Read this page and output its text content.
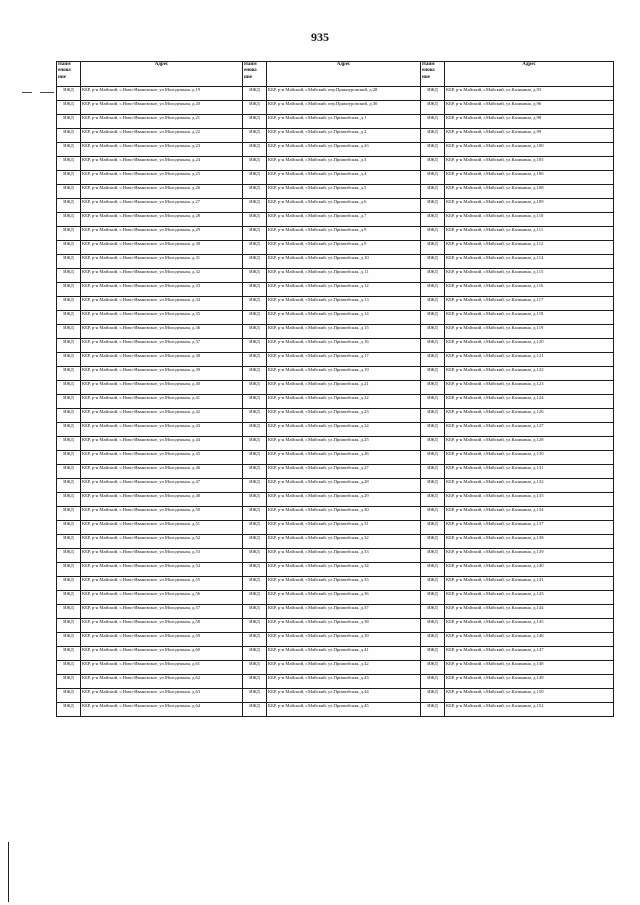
935
Наим енова ние	Адрес	Наим енова ние	Адрес	Наим енова ние	Адрес
ИЖД	КБР, р-н Майский, с.Ново-Ивановское, ул.Молодежная, д.19	ИЖД	КБР, р-н Майский, г.Майский, пер.Прямоуровский, д.28	ИЖД	КБР, р-н Майский, г.Майский, ул.Калинина, д.93
ИЖД	КБР, р-н Майский, с.Ново-Ивановское, ул.Молодежная, д.20	ИЖД	КБР, р-н Майский, г.Майский, пер.Прямоуровский, д.30	ИЖД	КБР, р-н Майский, г.Майский, ул.Калинина, д.96
ИЖД	КБР, р-н Майский, с.Ново-Ивановское, ул.Молодежная, д.21	ИЖД	КБР, р-н Майский, г.Майский, ул.Пришибская, д.1	ИЖД	КБР, р-н Майский, г.Майский, ул.Калинина, д.98
ИЖД	КБР, р-н Майский, с.Ново-Ивановское, ул.Молодежная, д.22	ИЖД	КБР, р-н Майский, г.Майский, ул.Пришибская, д.2	ИЖД	КБР, р-н Майский, г.Майский, ул.Калинина, д.99
ИЖД	КБР, р-н Майский, с.Ново-Ивановское, ул.Молодежная, д.23	ИЖД	КБР, р-н Майский, г.Майский, ул.Пришибская, д.2б	ИЖД	КБР, р-н Майский, г.Майский, ул.Калинина, д.100
ИЖД	КБР, р-н Майский, с.Ново-Ивановское, ул.Молодежная, д.24	ИЖД	КБР, р-н Майский, г.Майский, ул.Пришибская, д.3	ИЖД	КБР, р-н Майский, г.Майский, ул.Калинина, д.105
ИЖД	КБР, р-н Майский, с.Ново-Ивановское, ул.Молодежная, д.25	ИЖД	КБР, р-н Майский, г.Майский, ул.Пришибская, д.4	ИЖД	КБР, р-н Майский, г.Майский, ул.Калинина, д.106
ИЖД	КБР, р-н Майский, с.Ново-Ивановское, ул.Молодежная, д.26	ИЖД	КБР, р-н Майский, г.Майский, ул.Пришибская, д.5	ИЖД	КБР, р-н Майский, г.Майский, ул.Калинина, д.108
ИЖД	КБР, р-н Майский, с.Ново-Ивановское, ул.Молодежная, д.27	ИЖД	КБР, р-н Майский, г.Майский, ул.Пришибская, д.6	ИЖД	КБР, р-н Майский, г.Майский, ул.Калинина, д.109
ИЖД	КБР, р-н Майский, с.Ново-Ивановское, ул.Молодежная, д.28	ИЖД	КБР, р-н Майский, г.Майский, ул.Пришибская, д.7	ИЖД	КБР, р-н Майский, г.Майский, ул.Калинина, д.110
ИЖД	КБР, р-н Майский, с.Ново-Ивановское, ул.Молодежная, д.29	ИЖД	КБР, р-н Майский, г.Майский, ул.Пришибская, д.9	ИЖД	КБР, р-н Майский, г.Майский, ул.Калинина, д.111
ИЖД	КБР, р-н Майский, с.Ново-Ивановское, ул.Молодежная, д.30	ИЖД	КБР, р-н Майский, г.Майский, ул.Пришибская, д.9	ИЖД	КБР, р-н Майский, г.Майский, ул.Калинина, д.112
ИЖД	КБР, р-н Майский, с.Ново-Ивановское, ул.Молодежная, д.31	ИЖД	КБР, р-н Майский, г.Майский, ул.Пришибская, д.10	ИЖД	КБР, р-н Майский, г.Майский, ул.Калинина, д.114
ИЖД	КБР, р-н Майский, с.Ново-Ивановское, ул.Молодежная, д.32	ИЖД	КБР, р-н Майский, г.Майский, ул.Пришибская, д.11	ИЖД	КБР, р-н Майский, г.Майский, ул.Калинина, д.115
ИЖД	КБР, р-н Майский, с.Ново-Ивановское, ул.Молодежная, д.33	ИЖД	КБР, р-н Майский, г.Майский, ул.Пришибская, д.12	ИЖД	КБР, р-н Майский, г.Майский, ул.Калинина, д.116
ИЖД	КБР, р-н Майский, с.Ново-Ивановское, ул.Молодежная, д.34	ИЖД	КБР, р-н Майский, г.Майский, ул.Пришибская, д.13	ИЖД	КБР, р-н Майский, г.Майский, ул.Калинина, д.117
ИЖД	КБР, р-н Майский, с.Ново-Ивановское, ул.Молодежная, д.35	ИЖД	КБР, р-н Майский, г.Майский, ул.Пришибская, д.14	ИЖД	КБР, р-н Майский, г.Майский, ул.Калинина, д.118
ИЖД	КБР, р-н Майский, с.Ново-Ивановское, ул.Молодежная, д.36	ИЖД	КБР, р-н Майский, г.Майский, ул.Пришибская, д.15	ИЖД	КБР, р-н Майский, г.Майский, ул.Калинина, д.119
ИЖД	КБР, р-н Майский, с.Ново-Ивановское, ул.Молодежная, д.37	ИЖД	КБР, р-н Майский, г.Майский, ул.Пришибская, д.16	ИЖД	КБР, р-н Майский, г.Майский, ул.Калинина, д.120
ИЖД	КБР, р-н Майский, с.Ново-Ивановское, ул.Молодежная, д.38	ИЖД	КБР, р-н Майский, г.Майский, ул.Пришибская, д.17	ИЖД	КБР, р-н Майский, г.Майский, ул.Калинина, д.121
ИЖД	КБР, р-н Майский, с.Ново-Ивановское, ул.Молодежная, д.39	ИЖД	КБР, р-н Майский, г.Майский, ул.Пришибская, д.19	ИЖД	КБР, р-н Майский, г.Майский, ул.Калинина, д.122
ИЖД	КБР, р-н Майский, с.Ново-Ивановское, ул.Молодежная, д.40	ИЖД	КБР, р-н Майский, г.Майский, ул.Пришибская, д.21	ИЖД	КБР, р-н Майский, г.Майский, ул.Калинина, д.123
ИЖД	КБР, р-н Майский, с.Ново-Ивановское, ул.Молодежная, д.41	ИЖД	КБР, р-н Майский, г.Майский, ул.Пришибская, д.22	ИЖД	КБР, р-н Майский, г.Майский, ул.Калинина, д.124
ИЖД	КБР, р-н Майский, с.Ново-Ивановское, ул.Молодежная, д.42	ИЖД	КБР, р-н Майский, г.Майский, ул.Пришибская, д.23	ИЖД	КБР, р-н Майский, г.Майский, ул.Калинина, д.126
ИЖД	КБР, р-н Майский, с.Ново-Ивановское, ул.Молодежная, д.43	ИЖД	КБР, р-н Майский, г.Майский, ул.Пришибская, д.24	ИЖД	КБР, р-н Майский, г.Майский, ул.Калинина, д.127
ИЖД	КБР, р-н Майский, с.Ново-Ивановское, ул.Молодежная, д.44	ИЖД	КБР, р-н Майский, г.Майский, ул.Пришибская, д.25	ИЖД	КБР, р-н Майский, г.Майский, ул.Калинина, д.128
ИЖД	КБР, р-н Майский, с.Ново-Ивановское, ул.Молодежная, д.45	ИЖД	КБР, р-н Майский, г.Майский, ул.Пришибская, д.26	ИЖД	КБР, р-н Майский, г.Майский, ул.Калинина, д.130
ИЖД	КБР, р-н Майский, с.Ново-Ивановское, ул.Молодежная, д.46	ИЖД	КБР, р-н Майский, г.Майский, ул.Пришибская, д.27	ИЖД	КБР, р-н Майский, г.Майский, ул.Калинина, д.131
ИЖД	КБР, р-н Майский, с.Ново-Ивановское, ул.Молодежная, д.47	ИЖД	КБР, р-н Майский, г.Майский, ул.Пришибская, д.28	ИЖД	КБР, р-н Майский, г.Майский, ул.Калинина, д.132
ИЖД	КБР, р-н Майский, с.Ново-Ивановское, ул.Молодежная, д.48	ИЖД	КБР, р-н Майский, г.Майский, ул.Пришибская, д.29	ИЖД	КБР, р-н Майский, г.Майский, ул.Калинина, д.133
ИЖД	КБР, р-н Майский, с.Ново-Ивановское, ул.Молодежная, д.50	ИЖД	КБР, р-н Майский, г.Майский, ул.Пришибская, д.30	ИЖД	КБР, р-н Майский, г.Майский, ул.Калинина, д.134
ИЖД	КБР, р-н Майский, с.Ново-Ивановское, ул.Молодежная, д.51	ИЖД	КБР, р-н Майский, г.Майский, ул.Пришибская, д.31	ИЖД	КБР, р-н Майский, г.Майский, ул.Калинина, д.137
ИЖД	КБР, р-н Майский, с.Ново-Ивановское, ул.Молодежная, д.52	ИЖД	КБР, р-н Майский, г.Майский, ул.Пришибская, д.32	ИЖД	КБР, р-н Майский, г.Майский, ул.Калинина, д.138
ИЖД	КБР, р-н Майский, с.Ново-Ивановское, ул.Молодежная, д.53	ИЖД	КБР, р-н Майский, г.Майский, ул.Пришибская, д.33	ИЖД	КБР, р-н Майский, г.Майский, ул.Калинина, д.139
ИЖД	КБР, р-н Майский, с.Ново-Ивановское, ул.Молодежная, д.54	ИЖД	КБР, р-н Майский, г.Майский, ул.Пришибская, д.34	ИЖД	КБР, р-н Майский, г.Майский, ул.Калинина, д.140
ИЖД	КБР, р-н Майский, с.Ново-Ивановское, ул.Молодежная, д.55	ИЖД	КБР, р-н Майский, г.Майский, ул.Пришибская, д.35	ИЖД	КБР, р-н Майский, г.Майский, ул.Калинина, д.141
ИЖД	КБР, р-н Майский, с.Ново-Ивановское, ул.Молодежная, д.56	ИЖД	КБР, р-н Майский, г.Майский, ул.Пришибская, д.36	ИЖД	КБР, р-н Майский, г.Майский, ул.Калинина, д.143
ИЖД	КБР, р-н Майский, с.Ново-Ивановское, ул.Молодежная, д.57	ИЖД	КБР, р-н Майский, г.Майский, ул.Пришибская, д.37	ИЖД	КБР, р-н Майский, г.Майский, ул.Калинина, д.144
ИЖД	КБР, р-н Майский, с.Ново-Ивановское, ул.Молодежная, д.58	ИЖД	КБР, р-н Майский, г.Майский, ул.Пришибская, д.38	ИЖД	КБР, р-н Майский, г.Майский, ул.Калинина, д.145
ИЖД	КБР, р-н Майский, с.Ново-Ивановское, ул.Молодежная, д.59	ИЖД	КБР, р-н Майский, г.Майский, ул.Пришибская, д.39	ИЖД	КБР, р-н Майский, г.Майский, ул.Калинина, д.146
ИЖД	КБР, р-н Майский, с.Ново-Ивановское, ул.Молодежная, д.60	ИЖД	КБР, р-н Майский, г.Майский, ул.Пришибская, д.41	ИЖД	КБР, р-н Майский, г.Майский, ул.Калинина, д.147
ИЖД	КБР, р-н Майский, с.Ново-Ивановское, ул.Молодежная, д.61	ИЖД	КБР, р-н Майский, г.Майский, ул.Пришибская, д.42	ИЖД	КБР, р-н Майский, г.Майский, ул.Калинина, д.148
ИЖД	КБР, р-н Майский, с.Ново-Ивановское, ул.Молодежная, д.62	ИЖД	КБР, р-н Майский, г.Майский, ул.Пришибская, д.43	ИЖД	КБР, р-н Майский, г.Майский, ул.Калинина, д.149
ИЖД	КБР, р-н Майский, с.Ново-Ивановское, ул.Молодежная, д.63	ИЖД	КБР, р-н Майский, г.Майский, ул.Пришибская, д.44	ИЖД	КБР, р-н Майский, г.Майский, ул.Калинина, д.150
ИЖД	КБР, р-н Майский, с.Ново-Ивановское, ул.Молодежная, д.64	ИЖД	КБР, р-н Майский, г.Майский, ул.Пришибская, д.45	ИЖД	КБР, р-н Майский, г.Майский, ул.Калинина, д.152
